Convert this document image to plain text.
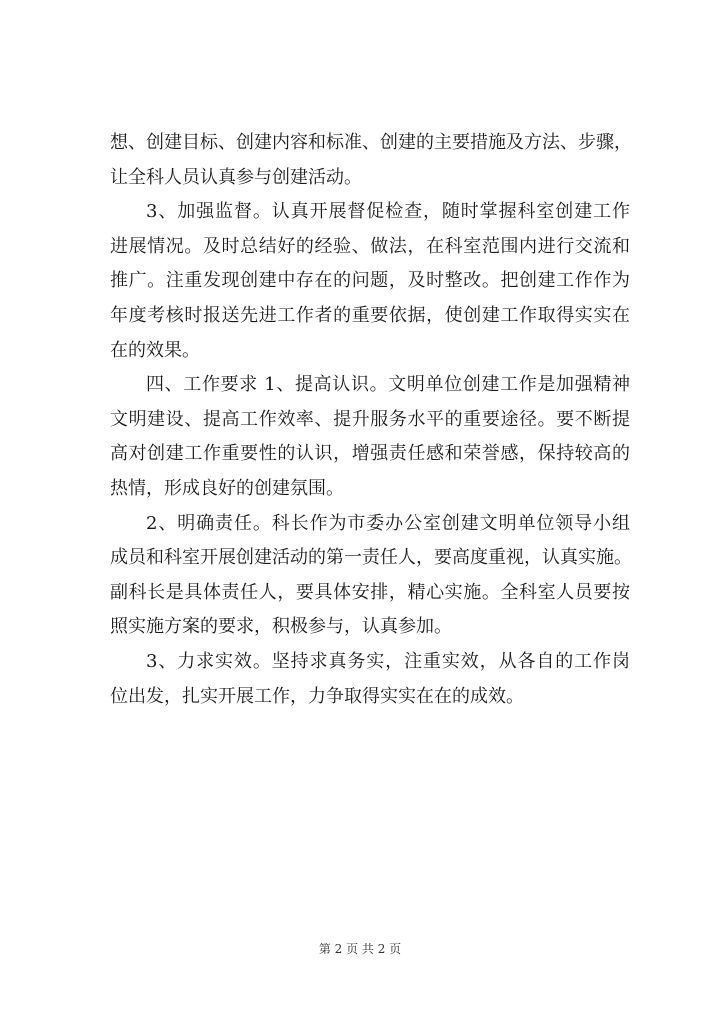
想、创建目标、创建内容和标准、创建的主要措施及方法、步骤，
让全科人员认真参与创建活动。
3、加强监督。认真开展督促检查，随时掌握科室创建工作
进展情况。及时总结好的经验、做法，在科室范围内进行交流和
推广。注重发现创建中存在的问题，及时整改。把创建工作作为
年度考核时报送先进工作者的重要依据，使创建工作取得实实在
在的效果。
四、工作要求 1、提高认识。文明单位创建工作是加强精神
文明建设、提高工作效率、提升服务水平的重要途径。要不断提
高对创建工作重要性的认识，增强责任感和荣誉感，保持较高的
热情，形成良好的创建氛围。
2、明确责任。科长作为市委办公室创建文明单位领导小组
成员和科室开展创建活动的第一责任人，要高度重视，认真实施。
副科长是具体责任人，要具体安排，精心实施。全科室人员要按
照实施方案的要求，积极参与，认真参加。
3、力求实效。坚持求真务实，注重实效，从各自的工作岗
位出发，扎实开展工作，力争取得实实在在的成效。
第 2 页 共 2 页
